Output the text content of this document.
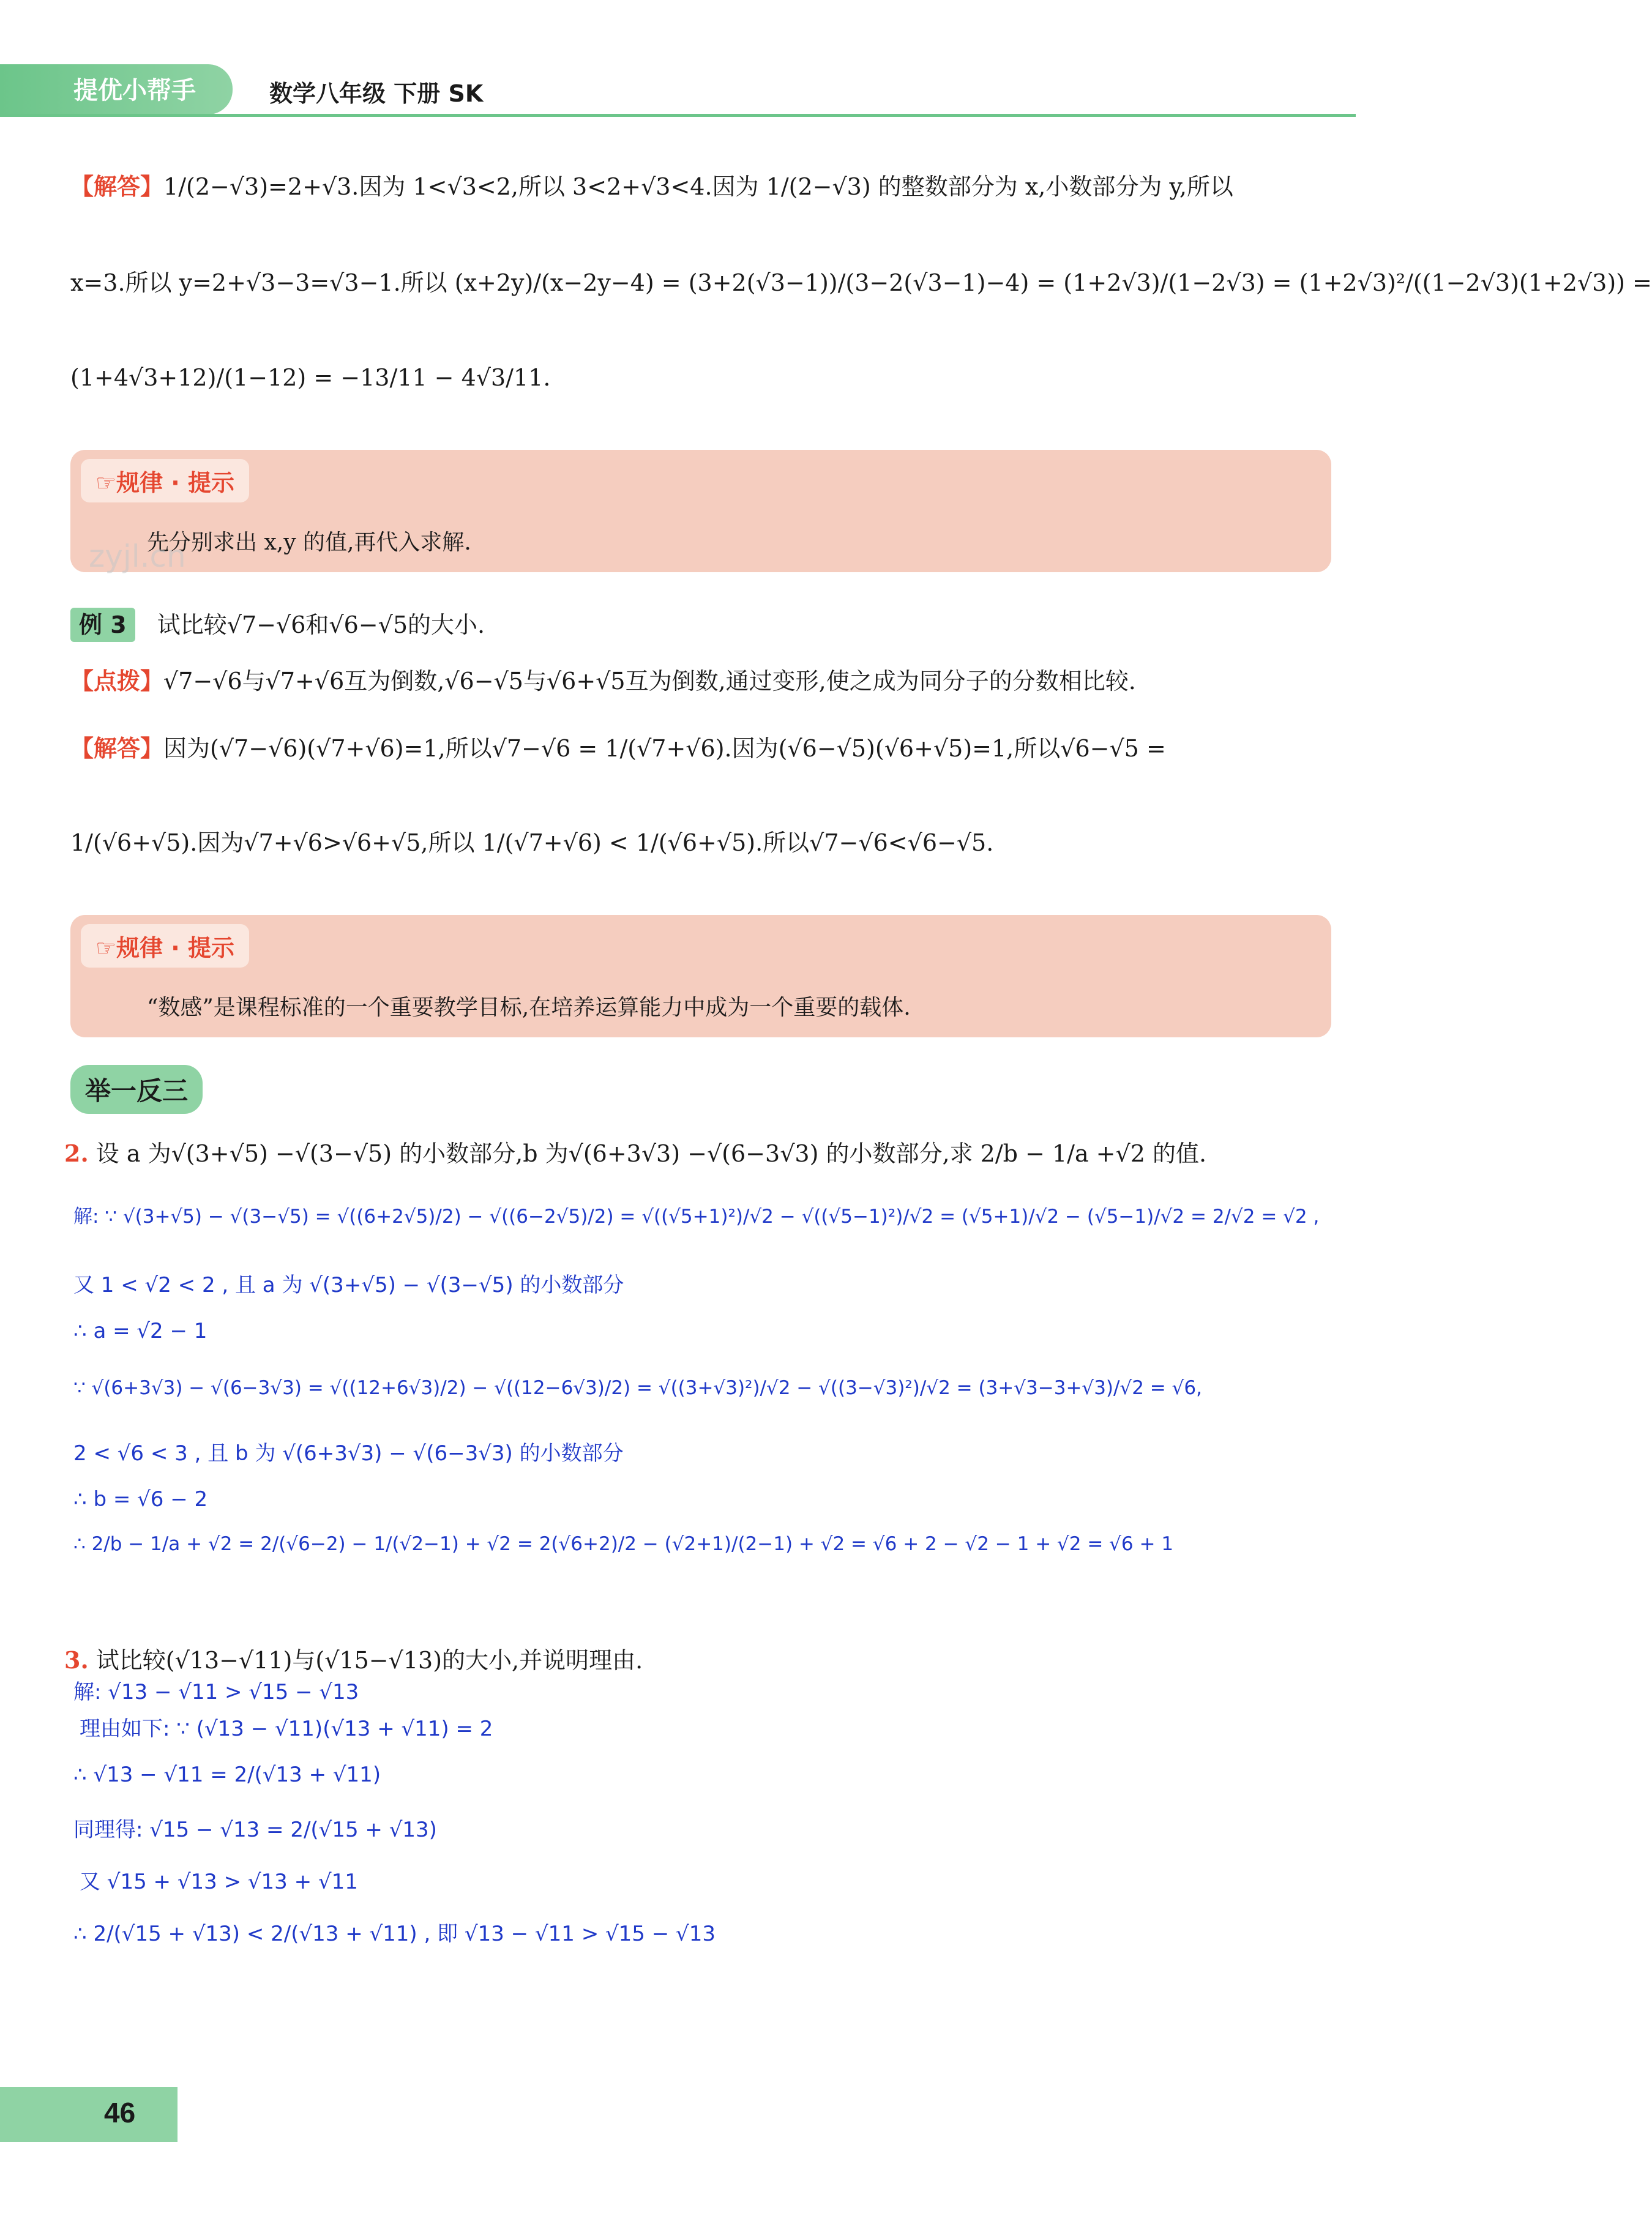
提优小帮手	数学八年级 下册 SK
【解答】1/(2−√3)=2+√3.因为 1<√3<2,所以 3<2+√3<4.因为 1/(2−√3) 的整数部分为 x,小数部分为 y,所以
x=3.所以 y=2+√3−3=√3−1.所以 (x+2y)/(x−2y−4) = (3+2(√3−1))/(3−2(√3−1)−4) = (1+2√3)/(1−2√3) = (1+2√3)²/((1−2√3)(1+2√3)) =
(1+4√3+12)/(1−12) = −13/11 − 4√3/11.
☞规律 · 提示
先分别求出 x,y 的值,再代入求解.
zyjl.cn
例 3 试比较√7−√6和√6−√5的大小.
【点拨】√7−√6与√7+√6互为倒数,√6−√5与√6+√5互为倒数,通过变形,使之成为同分子的分数相比较.
【解答】因为(√7−√6)(√7+√6)=1,所以√7−√6 = 1/(√7+√6).因为(√6−√5)(√6+√5)=1,所以√6−√5 =
1/(√6+√5).因为√7+√6>√6+√5,所以 1/(√7+√6) < 1/(√6+√5).所以√7−√6<√6−√5.
☞规律 · 提示
“数感”是课程标准的一个重要教学目标,在培养运算能力中成为一个重要的载体.
举一反三
2. 设 a 为√(3+√5) −√(3−√5) 的小数部分,b 为√(6+3√3) −√(6−3√3) 的小数部分,求 2/b − 1/a +√2 的值.
解: ∵ √(3+√5) − √(3−√5) = √((6+2√5)/2) − √((6−2√5)/2) = √((√5+1)²)/√2 − √((√5−1)²)/√2 = (√5+1)/√2 − (√5−1)/√2 = 2/√2 = √2 ,
又 1 < √2 < 2 , 且 a 为 √(3+√5) − √(3−√5) 的小数部分
∴ a = √2 − 1
∵ √(6+3√3) − √(6−3√3) = √((12+6√3)/2) − √((12−6√3)/2) = √((3+√3)²)/√2 − √((3−√3)²)/√2 = (3+√3−3+√3)/√2 = √6,
2 < √6 < 3 , 且 b 为 √(6+3√3) − √(6−3√3) 的小数部分
∴ b = √6 − 2
∴ 2/b − 1/a + √2 = 2/(√6−2) − 1/(√2−1) + √2 = 2(√6+2)/2 − (√2+1)/(2−1) + √2 = √6 + 2 − √2 − 1 + √2 = √6 + 1
3. 试比较(√13−√11)与(√15−√13)的大小,并说明理由.
解: √13 − √11 > √15 − √13
理由如下: ∵ (√13 − √11)(√13 + √11) = 2
∴ √13 − √11 = 2/(√13 + √11)
同理得: √15 − √13 = 2/(√15 + √13)
又 √15 + √13 > √13 + √11
∴ 2/(√15 + √13) < 2/(√13 + √11) , 即 √13 − √11 > √15 − √13
46
